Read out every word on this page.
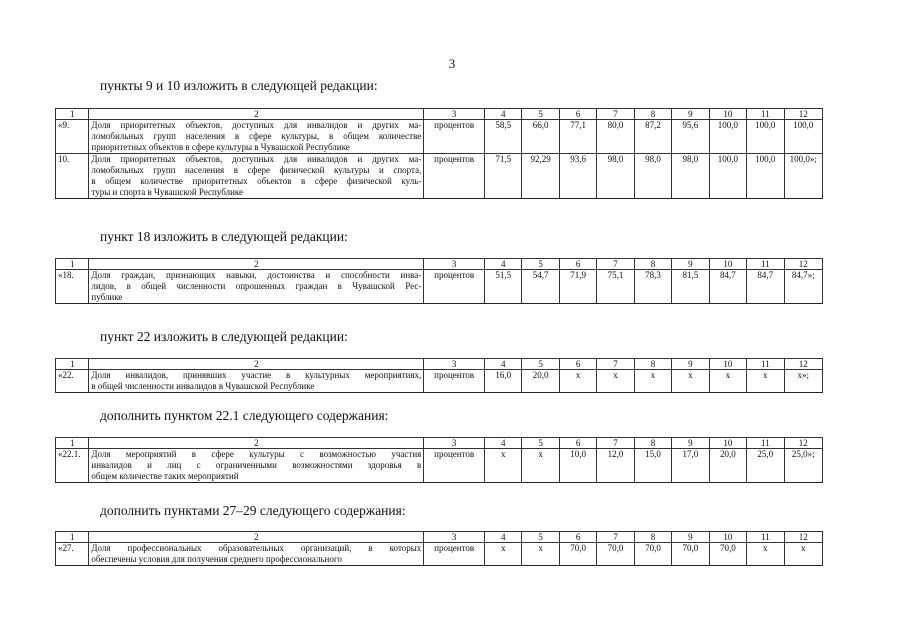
3
пункты 9 и 10 изложить в следующей редакции:
1	2	3	4	5	6	7	8	9	10	11	12
«9.	Доля приоритетных объектов, доступных для инвалидов и других ма-
ломобильных групп населения в сфере культуры, в общем количестве
приоритетных объектов в сфере культуры в Чувашской Республике	процентов	58,5	66,0	77,1	80,0	87,2	95,6	100,0	100,0	100,0
10.	Доля приоритетных объектов, доступных для инвалидов и других ма-
ломобильных групп населения в сфере физической культуры и спорта,
в общем количестве приоритетных объектов в сфере физической куль-
туры и спорта в Чувашской Республике	процентов	71,5	92,29	93,6	98,0	98,0	98,0	100,0	100,0	100,0»;
пункт 18 изложить в следующей редакции:
1	2	3	4	5	6	7	8	9	10	11	12
«18.	Доля граждан, признающих навыки, достоинства и способности инва-
лидов, в общей численности опрошенных граждан в Чувашской Рес-
публике	процентов	51,5	54,7	71,9	75,1	78,3	81,5	84,7	84,7	84,7»;
пункт 22 изложить в следующей редакции:
1	2	3	4	5	6	7	8	9	10	11	12
«22.	Доля инвалидов, принявших участие в культурных мероприятиях,
в общей численности инвалидов в Чувашской Республике	процентов	16,0	20,0	х	х	х	х	х	х	х»;
дополнить пунктом 22.1 следующего содержания:
1	2	3	4	5	6	7	8	9	10	11	12
«22.1.	Доля мероприятий в сфере культуры с возможностью участия
инвалидов и лиц с ограниченными возможностями здоровья в
общем количестве таких мероприятий	процентов	х	х	10,0	12,0	15,0	17,0	20,0	25,0	25,0»;
дополнить пунктами 27–29 следующего содержания:
1	2	3	4	5	6	7	8	9	10	11	12
«27.	Доля профессиональных образовательных организаций, в которых
обеспечены условия для получения среднего профессионального	процентов	х	х	70,0	70,0	70,0	70,0	70,0	х	х
